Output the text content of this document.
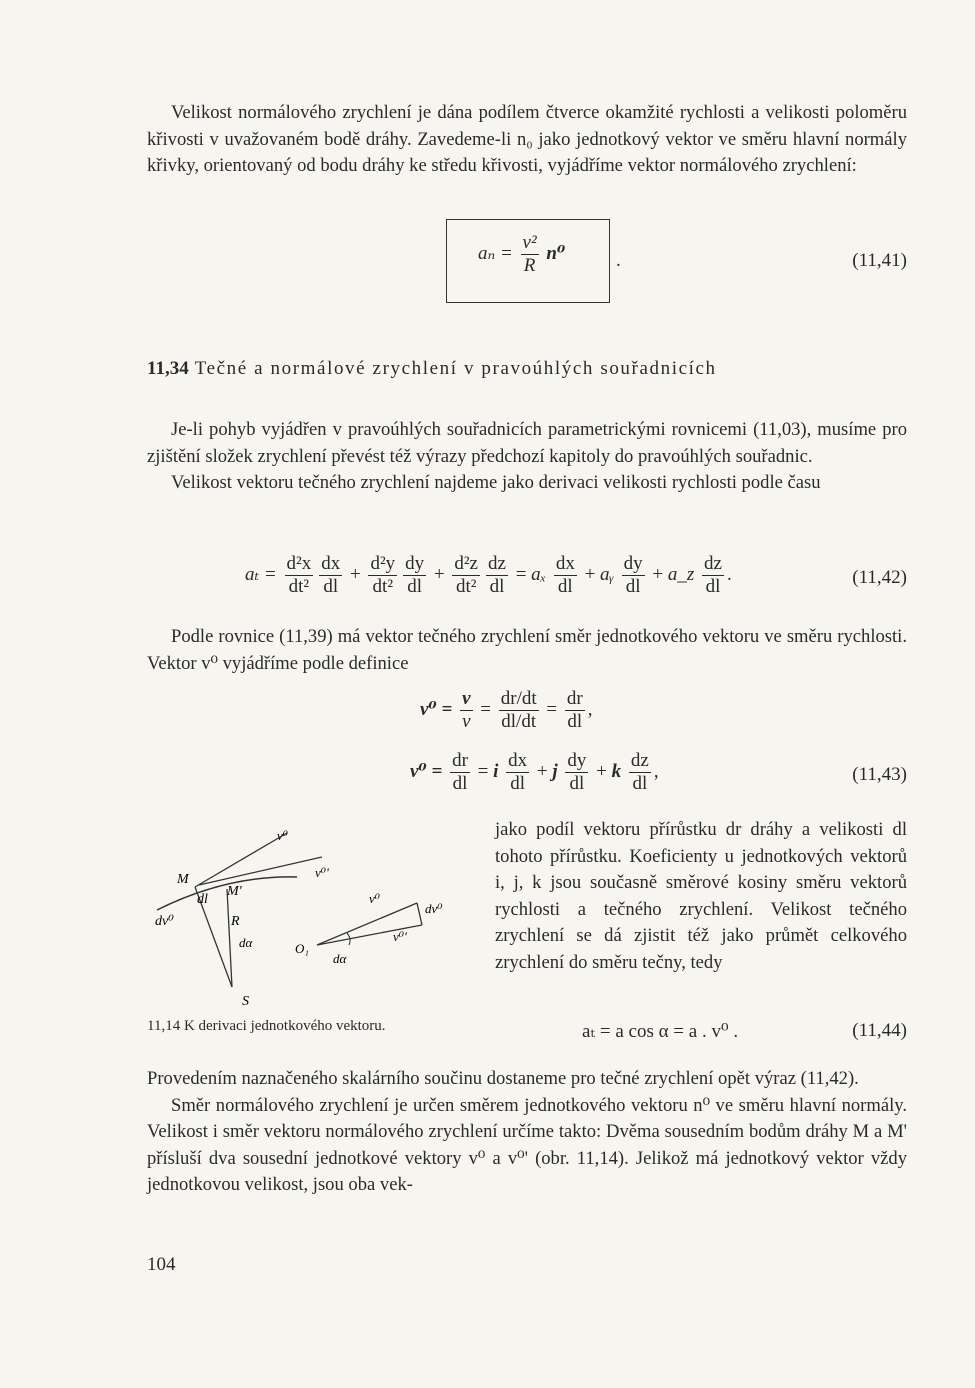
Velikost normálového zrychlení je dána podílem čtverce okamžité rychlosti a velikosti poloměru křivosti v uvažovaném bodě dráhy. Zavedeme-li n₀ jako jednotkový vektor ve směru hlavní normály křivky, orientovaný od bodu dráhy ke středu křivosti, vyjádříme vektor normálového zrychlení:

$a_n = \frac{\text{v²}}{R} n^0$	.	(11,41)
11,34 Tečné a normálové zrychlení v pravoúhlých souřadnicích

Je-li pohyb vyjádřen v pravoúhlých souřadnicích parametrickými rovnicemi (11,03), musíme pro zjištění složek zrychlení převést též výrazy předchozí kapitoly do pravoúhlých souřadnic.

Velikost vektoru tečného zrychlení najdeme jako derivaci velikosti rychlosti podle času

$a_t = \frac{\text{d²x}}{\text{dt²}} \frac{dx}{dl} + \frac{\text{d²y}}{\text{dt²}} \frac{dy}{dl} + \frac{\text{d²z}}{\text{dt²}} \frac{dz}{dl} = a_x \frac{dx}{dl}$ + aᵧ $\frac{dy}{dl}$ + a_z $\frac{dz}{dl}$ .	(11,42)

Podle rovnice (11,39) má vektor tečného zrychlení směr jednotkového vektoru ve směru rychlosti. Vektor v⁰ vyjádříme podle definice

$v^0 = \frac{v}{v} = \frac{dr/dt}{dl/dt} = \frac{dr}{dl}$ ,
$v^0 = \frac{dr}{dl} = i \frac{dx}{dl} + j \frac{dy}{dl} + k \frac{dz}{dl}$ ,	(11,43)
M
M'
dl
dv⁰	R
dα
S
v⁰
v⁰'
O₁
v⁰
dv⁰
v⁰'
dα
11,14 K derivaci jednotkového vektoru.
jako podíl vektoru přírůstku dr dráhy a velikosti dl tohoto přírůstku. Koeficienty u jednotkových vektorů i, j, k jsou současně směrové kosiny směru vektorů rychlosti a tečného zrychlení. Velikost tečného zrychlení se dá zjistit též jako průmět celkového zrychlení do směru tečny, tedy
aₜ = a cos α = a . v⁰ .	(11,44)

Provedením naznačeného skalárního součinu dostaneme pro tečné zrychlení opět výraz (11,42).

Směr normálového zrychlení je určen směrem jednotkového vektoru n⁰ ve směru hlavní normály. Velikost i směr vektoru normálového zrychlení určíme takto: Dvěma sousedním bodům dráhy M a M' přísluší dva sousední jednotkové vektory v⁰ a v⁰' (obr. 11,14). Jelikož má jednotkový vektor vždy jednotkovou velikost, jsou oba vek-

104
